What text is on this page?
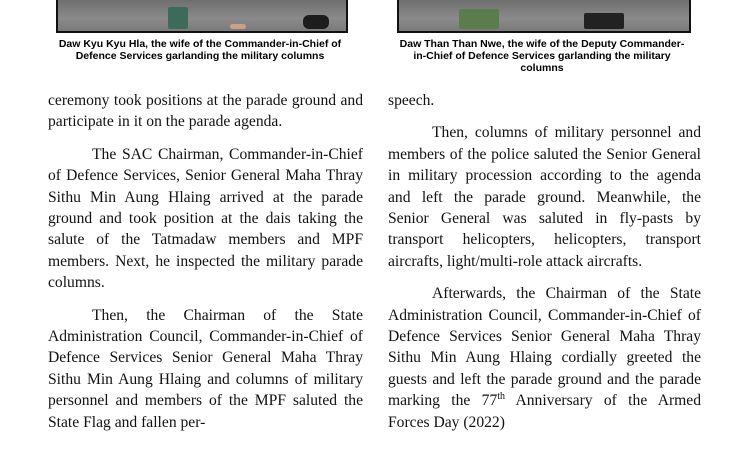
Daw Kyu Kyu Hla, the wife of the Commander-in-Chief of Defence Services garlanding the military columns
Daw Than Than Nwe, the wife of the Deputy Commander-in-Chief of Defence Services garlanding the military columns

ceremony took positions at the parade ground and participate in it on the parade agenda.

The SAC Chairman, Commander-in-Chief of Defence Services, Senior General Maha Thray Sithu Min Aung Hlaing arrived at the parade ground and took position at the dais taking the salute of the Tatmadaw members and MPF members. Next, he inspected the military parade columns.

Then, the Chairman of the State Administration Council, Commander-in-Chief of Defence Services Senior General Maha Thray Sithu Min Aung Hlaing and columns of military personnel and members of the MPF saluted the State Flag and fallen per-

speech.

Then, columns of military personnel and members of the police saluted the Senior General in military procession according to the agenda and left the parade ground. Meanwhile, the Senior General was saluted in fly-pasts by transport helicopters, helicopters, transport aircrafts, light/multi-role attack aircrafts.

Afterwards, the Chairman of the State Administration Council, Commander-in-Chief of Defence Services Senior General Maha Thray Sithu Min Aung Hlaing cordially greeted the guests and left the parade ground and the parade marking the 77th Anniversary of the Armed Forces Day (2022)
